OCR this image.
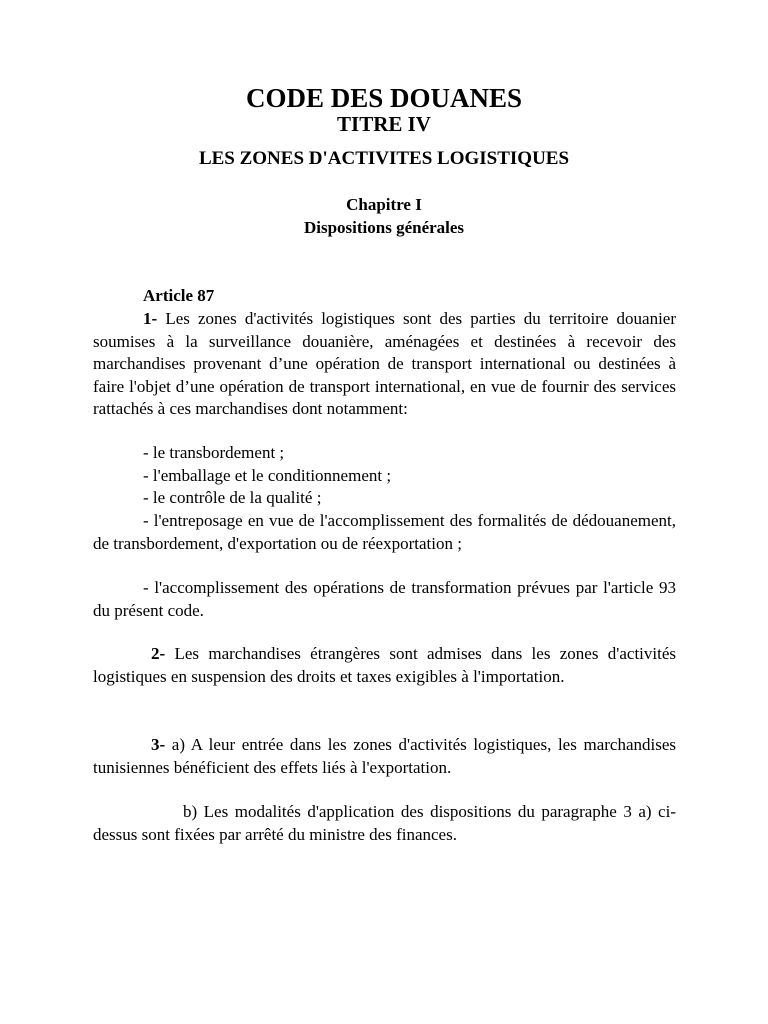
CODE DES DOUANES
TITRE IV
LES ZONES D'ACTIVITES LOGISTIQUES
Chapitre I
Dispositions générales
Article 87
1- Les zones d'activités logistiques sont des parties du territoire douanier soumises à la surveillance douanière, aménagées et destinées à recevoir des marchandises provenant d’une opération de transport international ou destinées à faire l'objet d’une opération de transport international, en vue de fournir des services rattachés à ces marchandises dont notamment:
- le transbordement ;
- l'emballage et le conditionnement ;
- le contrôle de la qualité ;
- l'entreposage en vue de l'accomplissement des formalités de dédouanement, de transbordement, d'exportation ou de réexportation ;
- l'accomplissement des opérations de transformation prévues par l'article 93 du présent code.
2- Les marchandises étrangères sont admises dans les zones d'activités logistiques en suspension des droits et taxes exigibles à l'importation.
3- a) A leur entrée dans les zones d'activités logistiques, les marchandises tunisiennes bénéficient des effets liés à l'exportation.
b) Les modalités d'application des dispositions du paragraphe 3 a) ci-dessus sont fixées par arrêté du ministre des finances.
